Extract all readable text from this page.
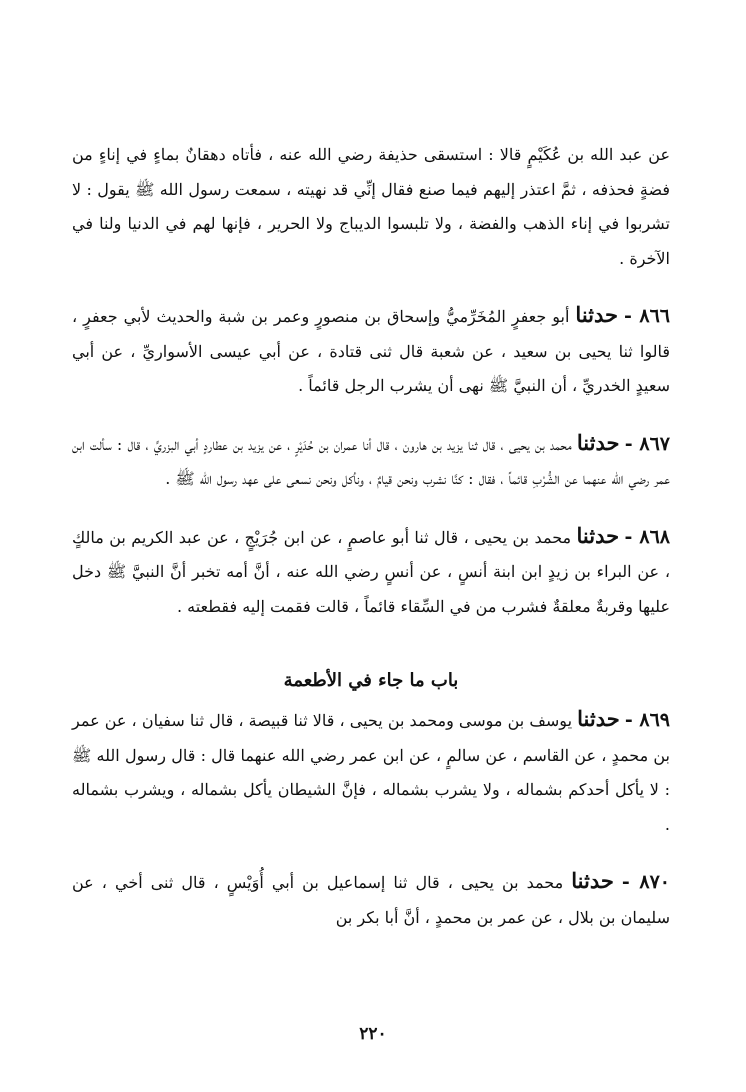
عن عبد الله بن عُكَيْمٍ قالا : استسقى حذيفة رضي الله عنه ، فأتاه دهقانٌ بماءٍ في إناءٍ من فضةٍ فحذفه ، ثمَّ اعتذر إليهم فيما صنع فقال إنِّي قد نهيته ، سمعت رسول الله ﷺ يقول : لا تشربوا في إناء الذهب والفضة ، ولا تلبسوا الديباج ولا الحرير ، فإنها لهم في الدنيا ولنا في الآخرة .

٨٦٦ - حدثنا أبو جعفرٍ المُخَرِّميُّ وإسحاق بن منصورٍ وعمر بن شبة والحديث لأبي جعفرٍ ، قالوا ثنا يحيى بن سعيد ، عن شعبة قال ثنى قتادة ، عن أبي عيسى الأسواريِّ ، عن أبي سعيدٍ الخدريِّ ، أن النبيَّ ﷺ نهى أن يشرب الرجل قائماً .

٨٦٧ - حدثنا محمد بن يحيى ، قال ثنا يزيد بن هارون ، قال أنا عمران بن حُدَيْرٍ ، عن يزيد بن عطاردٍ أبي البزريِّ ، قال : سألت ابن عمر رضي الله عنهما عن الشُّرْبِ قائماً ، فقال : كنَّا نشرب ونحن قيامٌ ، ونأكل ونحن نسعى على عهد رسول الله ﷺ .

٨٦٨ - حدثنا محمد بن يحيى ، قال ثنا أبو عاصمٍ ، عن ابن جُرَيْجٍ ، عن عبد الكريم بن مالكٍ ، عن البراء بن زيدٍ ابن ابنة أنسٍ ، عن أنسٍ رضي الله عنه ، أنَّ أمه تخبر أنَّ النبيَّ ﷺ دخل عليها وقربةٌ معلقةٌ فشرب من في السِّقاء قائماً ، قالت فقمت إليه فقطعته .

باب ما جاء في الأطعمة

٨٦٩ - حدثنا يوسف بن موسى ومحمد بن يحيى ، قالا ثنا قبيصة ، قال ثنا سفيان ، عن عمر بن محمدٍ ، عن القاسم ، عن سالمٍ ، عن ابن عمر رضي الله عنهما قال : قال رسول الله ﷺ : لا يأكل أحدكم بشماله ، ولا يشرب بشماله ، فإنَّ الشيطان يأكل بشماله ، ويشرب بشماله .

٨٧٠ - حدثنا محمد بن يحيى ، قال ثنا إسماعيل بن أبي أُوَيْسٍ ، قال ثنى أخي ، عن سليمان بن بلال ، عن عمر بن محمدٍ ، أنَّ أبا بكر بن

٢٢٠
